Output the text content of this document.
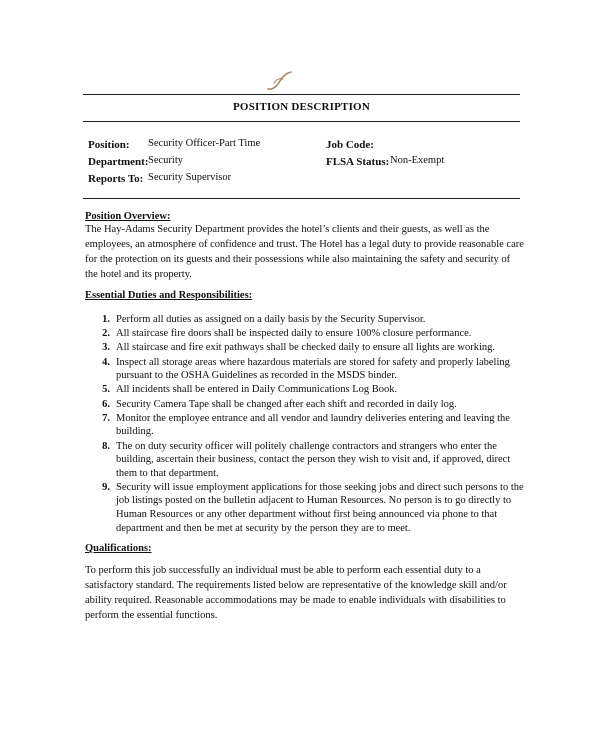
POSITION DESCRIPTION
Position: Security Officer-Part Time
Department: Security
Reports To: Security Supervisor
Job Code:
FLSA Status: Non-Exempt
Position Overview:
The Hay-Adams Security Department provides the hotel’s clients and their guests, as well as the employees, an atmosphere of confidence and trust. The Hotel has a legal duty to provide reasonable care for the protection on its guests and their possessions while also maintaining the safety and security of the hotel and its property.
Essential Duties and Responsibilities:
1. Perform all duties as assigned on a daily basis by the Security Supervisor.
2. All staircase fire doors shall be inspected daily to ensure 100% closure performance.
3. All staircase and fire exit pathways shall be checked daily to ensure all lights are working.
4. Inspect all storage areas where hazardous materials are stored for safety and properly labeling pursuant to the OSHA Guidelines as recorded in the MSDS binder.
5. All incidents shall be entered in Daily Communications Log Book.
6. Security Camera Tape shall be changed after each shift and recorded in daily log.
7. Monitor the employee entrance and all vendor and laundry deliveries entering and leaving the building.
8. The on duty security officer will politely challenge contractors and strangers who enter the building, ascertain their business, contact the person they wish to visit and, if approved, direct them to that department.
9. Security will issue employment applications for those seeking jobs and direct such persons to the job listings posted on the bulletin adjacent to Human Resources. No person is to go directly to Human Resources or any other department without first being announced via phone to that department and then be met at security by the person they are to meet.
Qualifications:
To perform this job successfully an individual must be able to perform each essential duty to a satisfactory standard. The requirements listed below are representative of the knowledge skill and/or ability required. Reasonable accommodations may be made to enable individuals with disabilities to perform the essential functions.
